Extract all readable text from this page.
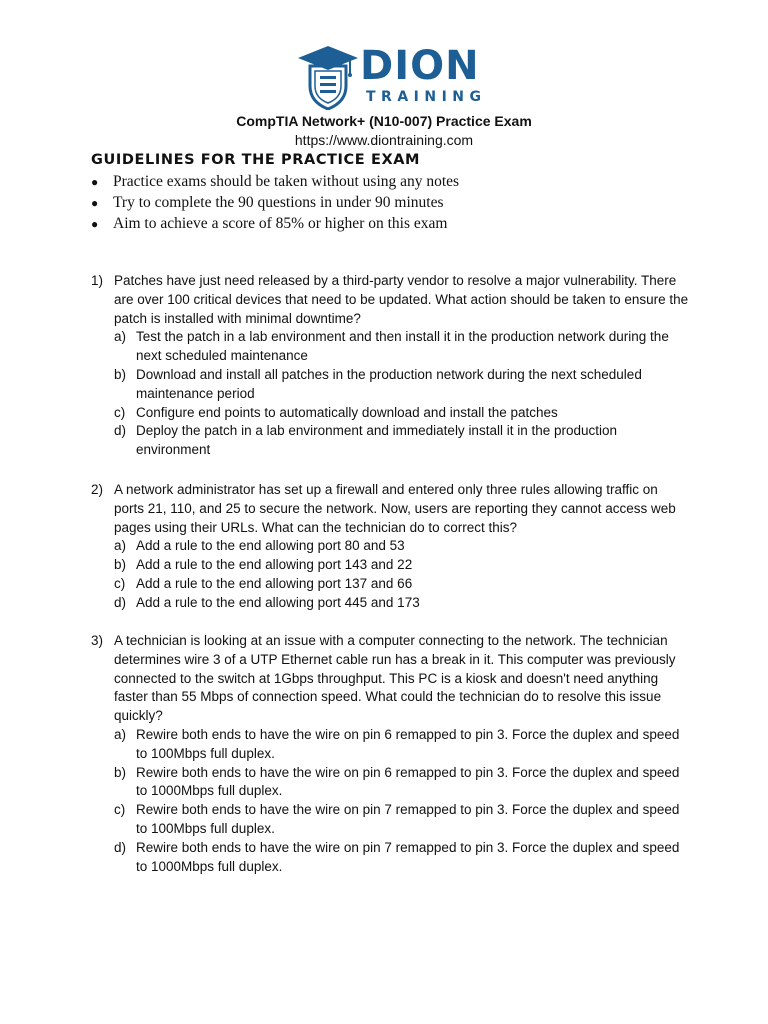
DION
TRAINING
CompTIA Network+ (N10-007) Practice Exam
https://www.diontraining.com
GUIDELINES FOR THE PRACTICE EXAM
● Practice exams should be taken without using any notes
● Try to complete the 90 questions in under 90 minutes
● Aim to achieve a score of 85% or higher on this exam
1) Patches have just need released by a third-party vendor to resolve a major vulnerability. There are over 100 critical devices that need to be updated. What action should be taken to ensure the patch is installed with minimal downtime?
a) Test the patch in a lab environment and then install it in the production network during the next scheduled maintenance
b) Download and install all patches in the production network during the next scheduled maintenance period
c) Configure end points to automatically download and install the patches
d) Deploy the patch in a lab environment and immediately install it in the production environment
2) A network administrator has set up a firewall and entered only three rules allowing traffic on ports 21, 110, and 25 to secure the network. Now, users are reporting they cannot access web pages using their URLs. What can the technician do to correct this?
a) Add a rule to the end allowing port 80 and 53
b) Add a rule to the end allowing port 143 and 22
c) Add a rule to the end allowing port 137 and 66
d) Add a rule to the end allowing port 445 and 173
3) A technician is looking at an issue with a computer connecting to the network. The technician determines wire 3 of a UTP Ethernet cable run has a break in it. This computer was previously connected to the switch at 1Gbps throughput. This PC is a kiosk and doesn't need anything faster than 55 Mbps of connection speed. What could the technician do to resolve this issue quickly?
a) Rewire both ends to have the wire on pin 6 remapped to pin 3. Force the duplex and speed to 100Mbps full duplex.
b) Rewire both ends to have the wire on pin 6 remapped to pin 3. Force the duplex and speed to 1000Mbps full duplex.
c) Rewire both ends to have the wire on pin 7 remapped to pin 3. Force the duplex and speed to 100Mbps full duplex.
d) Rewire both ends to have the wire on pin 7 remapped to pin 3. Force the duplex and speed to 1000Mbps full duplex.
